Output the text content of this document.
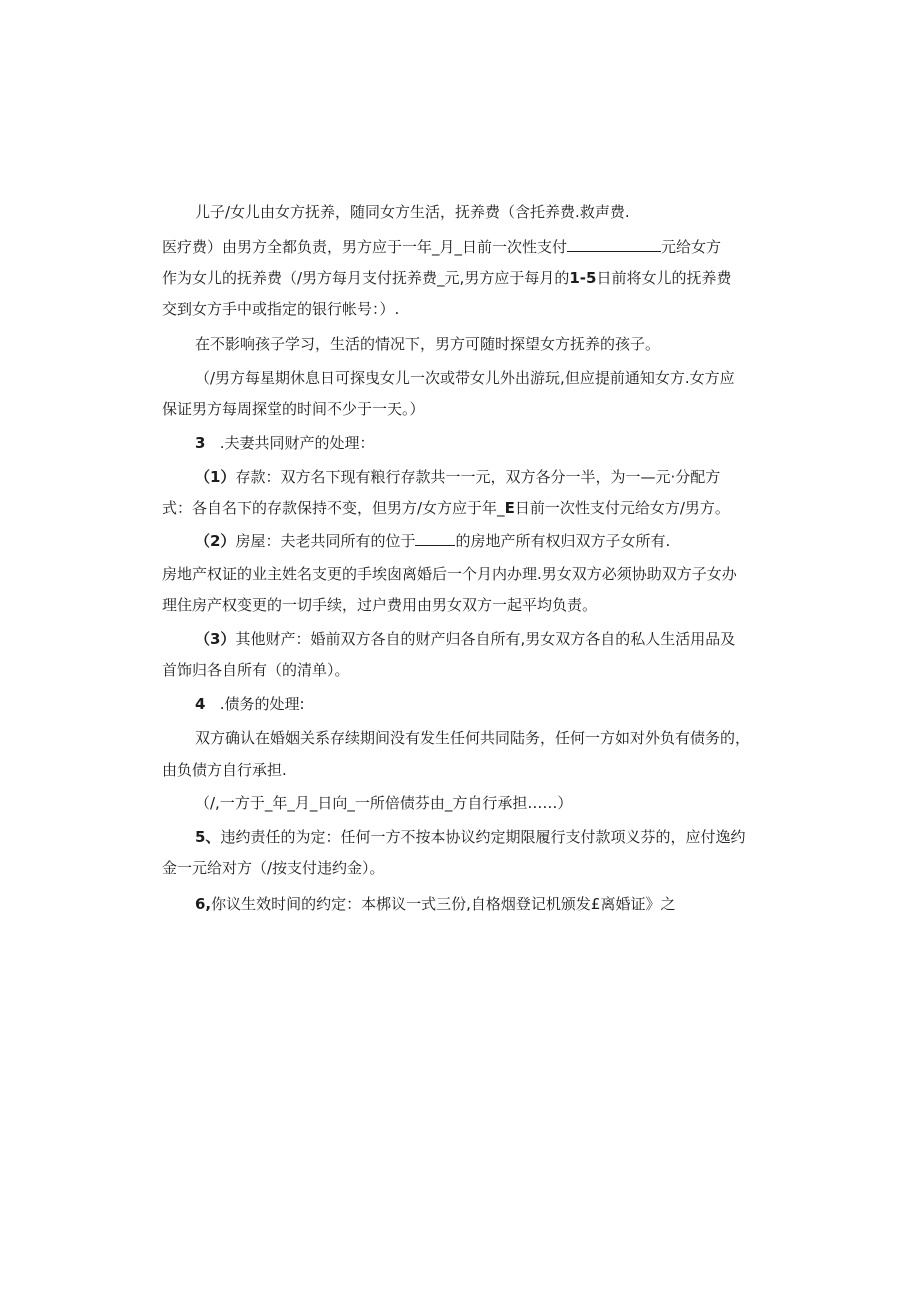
儿子/女儿由女方抚养，随同女方生活，抚养费（含托养费.救声费.
医疗费）由男方全都负责，男方应于一年_月_日前一次性支付	元给女方
作为女儿的抚养费（/男方每月支付抚养费_元,男方应于每月的1-5日前将女儿的抚养费
交到女方手中或指定的银行帐号：）.
在不影响孩子学习，生活的情况下，男方可随时探望女方抚养的孩子。
（/男方每星期休息日可探曳女儿一次或带女儿外出游玩,但应提前通知女方.女方应
保证男方每周探堂的时间不少于一天。）
3 .夫妻共同财产的处理：
（1）存款：双方名下现有粮行存款共一一元，双方各分一半，为一—元·分配方
式：各自名下的存款保持不变，但男方/女方应于年_E日前一次性支付元给女方/男方。
（2）房屋：夫老共同所有的位于	的房地产所有权归双方子女所有.
房地产权证的业主姓名支更的手埃囱离婚后一个月内办理.男女双方必须协助双方子女办
理住房产权变更的一切手续，过户费用由男女双方一起平均负责。
（3）其他财产：婚前双方各自的财产归各自所有,男女双方各自的私人生活用品及
首饰归各自所有（的清单）。
4 .债务的处理:
双方确认在婚姻关系存续期间没有发生任何共同陆务，任何一方如对外负有债务的，
由负债方自行承担.
（/,一方于_年_月_日向_一所倍债芬由_方自行承担……）
5、违约责任的为定：任何一方不按本协议约定期限履行支付款项义芬的，应付逸约
金一元给对方（/按支付违约金）。
6,你议生效时间的约定：本梆议一式三份,自格烟登记机颁发£离婚证》之
